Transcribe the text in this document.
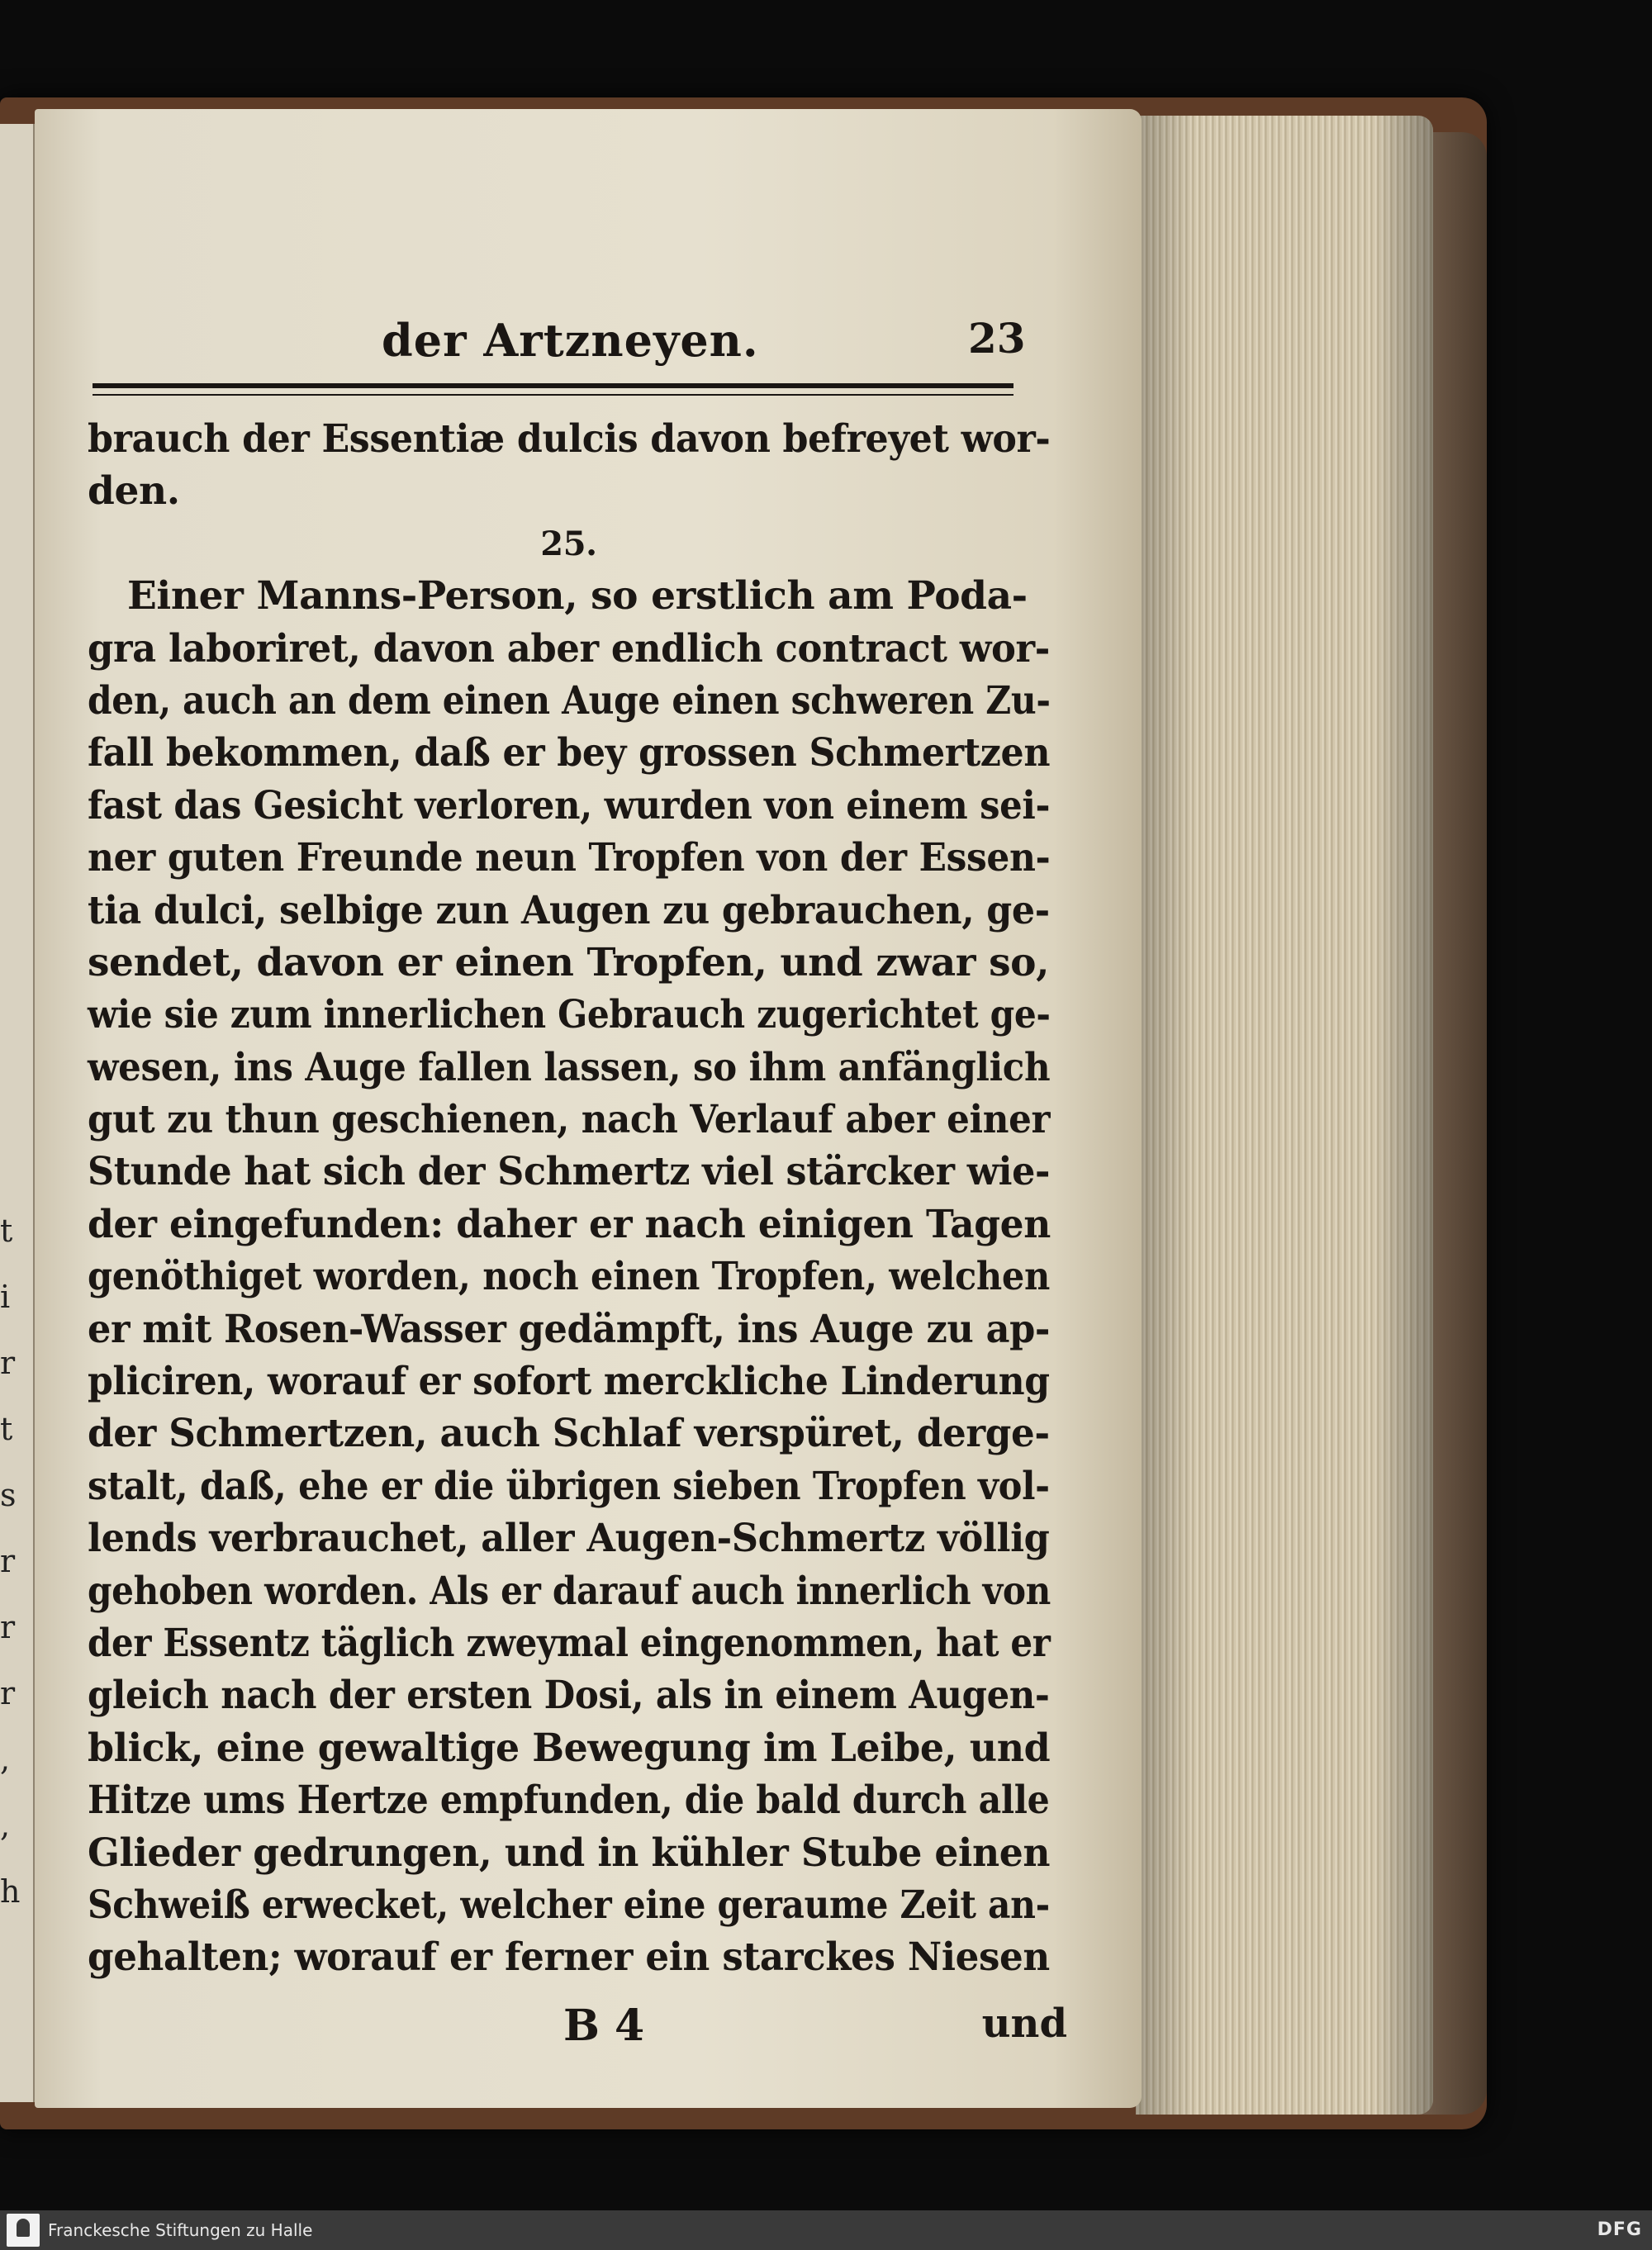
t
i
r
t
s
r
r
r
,
,
h
der Artzneyen.	23
brauch der Essentiæ dulcis davon befreyet wor-
den.
25.
Einer Manns-Person, so erstlich am Poda-
gra laboriret, davon aber endlich contract wor-
den, auch an dem einen Auge einen schweren Zu-
fall bekommen, daß er bey grossen Schmertzen
fast das Gesicht verloren, wurden von einem sei-
ner guten Freunde neun Tropfen von der Essen-
tia dulci, selbige zun Augen zu gebrauchen, ge-
sendet, davon er einen Tropfen, und zwar so,
wie sie zum innerlichen Gebrauch zugerichtet ge-
wesen, ins Auge fallen lassen, so ihm anfänglich
gut zu thun geschienen, nach Verlauf aber einer
Stunde hat sich der Schmertz viel stärcker wie-
der eingefunden: daher er nach einigen Tagen
genöthiget worden, noch einen Tropfen, welchen
er mit Rosen-Wasser gedämpft, ins Auge zu ap-
pliciren, worauf er sofort merckliche Linderung
der Schmertzen, auch Schlaf verspüret, derge-
stalt, daß, ehe er die übrigen sieben Tropfen vol-
lends verbrauchet, aller Augen-Schmertz völlig
gehoben worden. Als er darauf auch innerlich von
der Essentz täglich zweymal eingenommen, hat er
gleich nach der ersten Dosi, als in einem Augen-
blick, eine gewaltige Bewegung im Leibe, und
Hitze ums Hertze empfunden, die bald durch alle
Glieder gedrungen, und in kühler Stube einen
Schweiß erwecket, welcher eine geraume Zeit an-
gehalten; worauf er ferner ein starckes Niesen
B 4	und
Franckesche Stiftungen zu Halle	DFG
